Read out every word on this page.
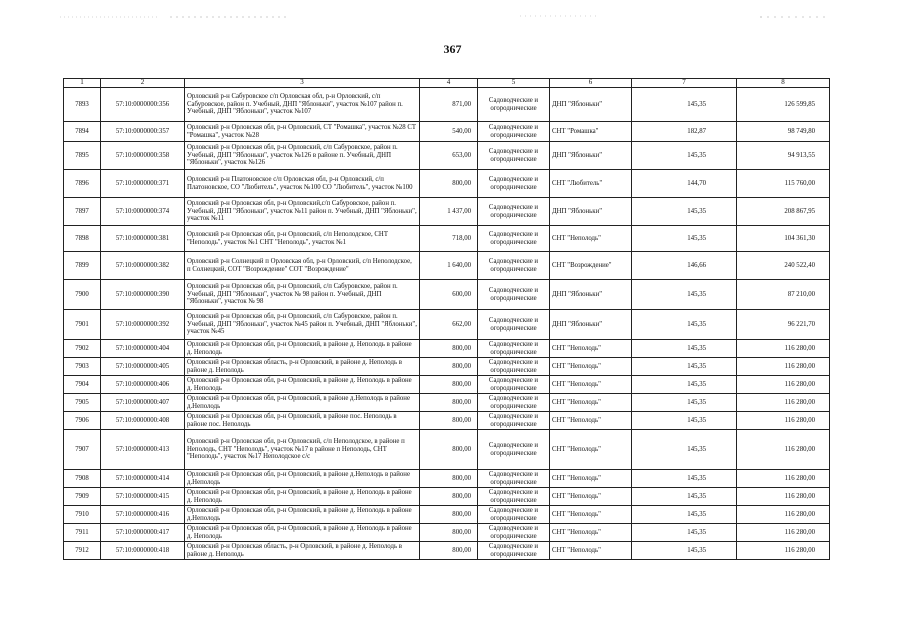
367
1	2	3	4	5	6	7	8
7893	57:10:0000000:356	Орловский р-н Сабуровское с/п Орловская обл, р-н Орловский, с/п Сабуровское, район п. Учебный, ДНП "Яблоньки", участок №107 район п. Учебный, ДНП "Яблоньки", участок №107	871,00	Садоводческие и огороднические	ДНП "Яблоньки"	145,35	126 599,85
7894	57:10:0000000:357	Орловский р-н Орловская обл, р-н Орловский, СТ "Ромашка", участок №28 СТ "Ромашка", участок №28	540,00	Садоводческие и огороднические	СНТ "Ромашка"	182,87	98 749,80
7895	57:10:0000000:358	Орловский р-н Орловская обл, р-н Орловский, с/п Сабуровское, район п. Учебный, ДНП "Яблоньки", участок №126 в районе п. Учебный, ДНП "Яблоньки", участок №126	653,00	Садоводческие и огороднические	ДНП "Яблоньки"	145,35	94 913,55
7896	57:10:0000000:371	Орловский р-н Платоновское с/п Орловская обл, р-н Орловский, с/п Платоновское, СО "Любитель", участок №100 СО "Любитель", участок №100	800,00	Садоводческие и огороднические	СНТ "Любитель"	144,70	115 760,00
7897	57:10:0000000:374	Орловский р-н Орловская обл, р-н Орловский,с/п Сабуровское, район п. Учебный, ДНП "Яблоньки", участок №11 район п. Учебный, ДНП "Яблоньки", участок №11	1 437,00	Садоводческие и огороднические	ДНП "Яблоньки"	145,35	208 867,95
7898	57:10:0000000:381	Орловский р-н Орловская обл, р-н Орловский, с/п Неполодское, СНТ "Неполодь", участок №1 СНТ "Неполодь", участок №1	718,00	Садоводческие и огороднические	СНТ "Неполодь"	145,35	104 361,30
7899	57:10:0000000:382	Орловский р-н Солнецкий п Орловская обл, р-н Орловский, с/п Неполодское, п Солнецкий, СОТ "Возрождение" СОТ "Возрождение"	1 640,00	Садоводческие и огороднические	СНТ "Возрождение"	146,66	240 522,40
7900	57:10:0000000:390	Орловский р-н Орловская обл, р-н Орловский, с/п Сабуровское, район п. Учебный, ДНП "Яблоньки", участок № 98 район п. Учебный, ДНП "Яблоньки", участок № 98	600,00	Садоводческие и огороднические	ДНП "Яблоньки"	145,35	87 210,00
7901	57:10:0000000:392	Орловский р-н Орловская обл, р-н Орловский, с/п Сабуровское, район п. Учебный, ДНП "Яблоньки", участок №45 район п. Учебный, ДНП "Яблоньки", участок №45	662,00	Садоводческие и огороднические	ДНП "Яблоньки"	145,35	96 221,70
7902	57:10:0000000:404	Орловский р-н Орловская обл, р-н Орловский, в районе д. Неполодь в районе д. Неполодь	800,00	Садоводческие и огороднические	СНТ "Неполодь"	145,35	116 280,00
7903	57:10:0000000:405	Орловский р-н Орловская область, р-н Орловский, в районе д. Неполодь в районе д. Неполодь	800,00	Садоводческие и огороднические	СНТ "Неполодь"	145,35	116 280,00
7904	57:10:0000000:406	Орловский р-н Орловская обл, р-н Орловский, в районе д. Неполодь в районе д. Неполодь	800,00	Садоводческие и огороднические	СНТ "Неполодь"	145,35	116 280,00
7905	57:10:0000000:407	Орловский р-н Орловская обл, р-н Орловский, в районе д.Неполодь в районе д.Неполодь	800,00	Садоводческие и огороднические	СНТ "Неполодь"	145,35	116 280,00
7906	57:10:0000000:408	Орловский р-н Орловская обл, р-н Орловский, в районе пос. Неполодь в районе пос. Неполодь	800,00	Садоводческие и огороднические	СНТ "Неполодь"	145,35	116 280,00
7907	57:10:0000000:413	Орловский р-н Орловская обл, р-н Орловский, с/п Неполодское, в районе п Неполодь, СНТ "Неполодь", участок №17 в районе п Неполодь, СНТ "Неполодь", участок №17 Неполодское с/с	800,00	Садоводческие и огороднические	СНТ "Неполодь"	145,35	116 280,00
7908	57:10:0000000:414	Орловский р-н Орловская обл, р-н Орловский, в районе д.Неполодь в районе д.Неполодь	800,00	Садоводческие и огороднические	СНТ "Неполодь"	145,35	116 280,00
7909	57:10:0000000:415	Орловский р-н Орловская обл, р-н Орловский, в районе д. Неполодь в районе д. Неполодь	800,00	Садоводческие и огороднические	СНТ "Неполодь"	145,35	116 280,00
7910	57:10:0000000:416	Орловский р-н Орловская обл, р-н Орловский, в районе д. Неполодь в районе д.Неполодь	800,00	Садоводческие и огороднические	СНТ "Неполодь"	145,35	116 280,00
7911	57:10:0000000:417	Орловский р-н Орловская обл, р-н Орловский, в районе д. Неполодь в районе д. Неполодь	800,00	Садоводческие и огороднические	СНТ "Неполодь"	145,35	116 280,00
7912	57:10:0000000:418	Орловский р-н Орловская область, р-н Орловский, в районе д. Неполодь в районе д. Неполодь	800,00	Садоводческие и огороднические	СНТ "Неполодь"	145,35	116 280,00
